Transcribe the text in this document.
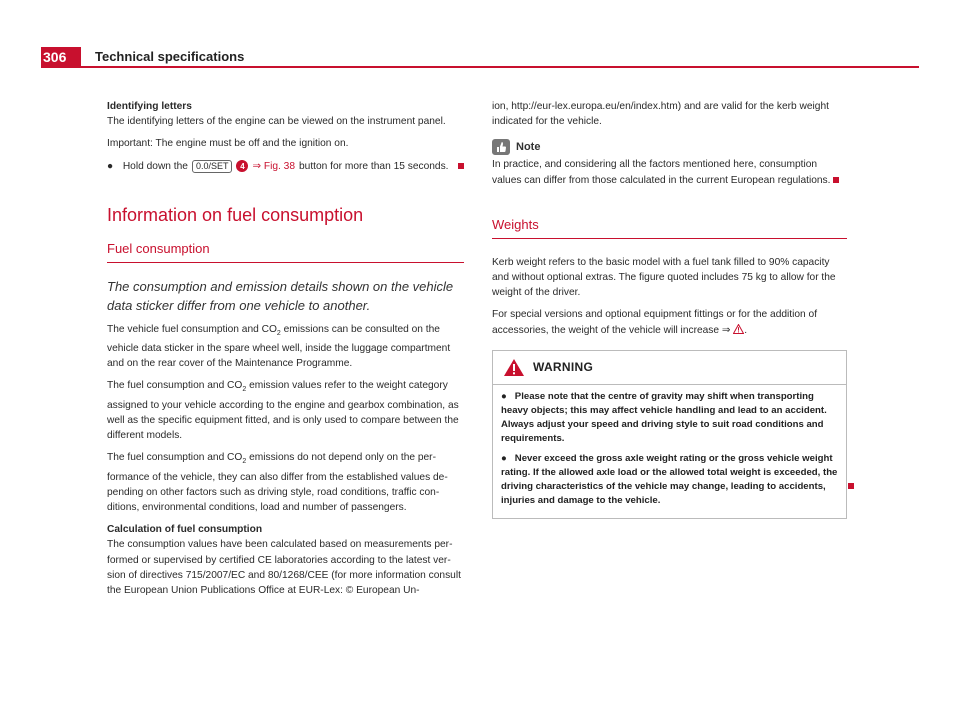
306	Technical specifications
Identifying letters

The identifying letters of the engine can be viewed on the instrument panel.

Important: The engine must be off and the ignition on.

● Hold down the 0.0/SET	4 ⇒ Fig. 38 button for more than 15 seconds.
Information on fuel consumption
Fuel consumption

The consumption and emission details shown on the vehicle data sticker differ from one vehicle to another.

The vehicle fuel consumption and $CO_2$ emissions can be consulted on the vehicle data sticker in the spare wheel well, inside the luggage compartment and on the rear cover of the Maintenance Programme.

The fuel consumption and $CO_2$ emission values refer to the weight category assigned to your vehicle according to the engine and gearbox combination, as well as the specific equipment fitted, and is only used to compare between the different models.

The fuel consumption and $CO_2$ emissions do not depend only on the performance of the vehicle, they can also differ from the established values depending on other factors such as driving style, road conditions, traffic conditions, environmental conditions, load and number of passengers.

Calculation of fuel consumption

The consumption values have been calculated based on measurements performed or supervised by certified CE laboratories according to the latest version of directives 715/2007/EC and 80/1268/CEE (for more information consult the European Union Publications Office at EUR-Lex: © European Un-

ion, http://eur-lex.europa.eu/en/index.htm) and are valid for the kerb weight indicated for the vehicle.

Note

In practice, and considering all the factors mentioned here, consumption values can differ from those calculated in the current European regulations.

Weights

Kerb weight refers to the basic model with a fuel tank filled to 90% capacity and without optional extras. The figure quoted includes 75 kg to allow for the weight of the driver.

For special versions and optional equipment fittings or for the addition of accessories, the weight of the vehicle will increase ⇒ .

WARNING

●   Please note that the centre of gravity may shift when transporting heavy objects; this may affect vehicle handling and lead to an accident. Always adjust your speed and driving style to suit road conditions and requirements.

●   Never exceed the gross axle weight rating or the gross vehicle weight rating. If the allowed axle load or the allowed total weight is exceeded, the driving characteristics of the vehicle may change, leading to accidents, injuries and damage to the vehicle.
